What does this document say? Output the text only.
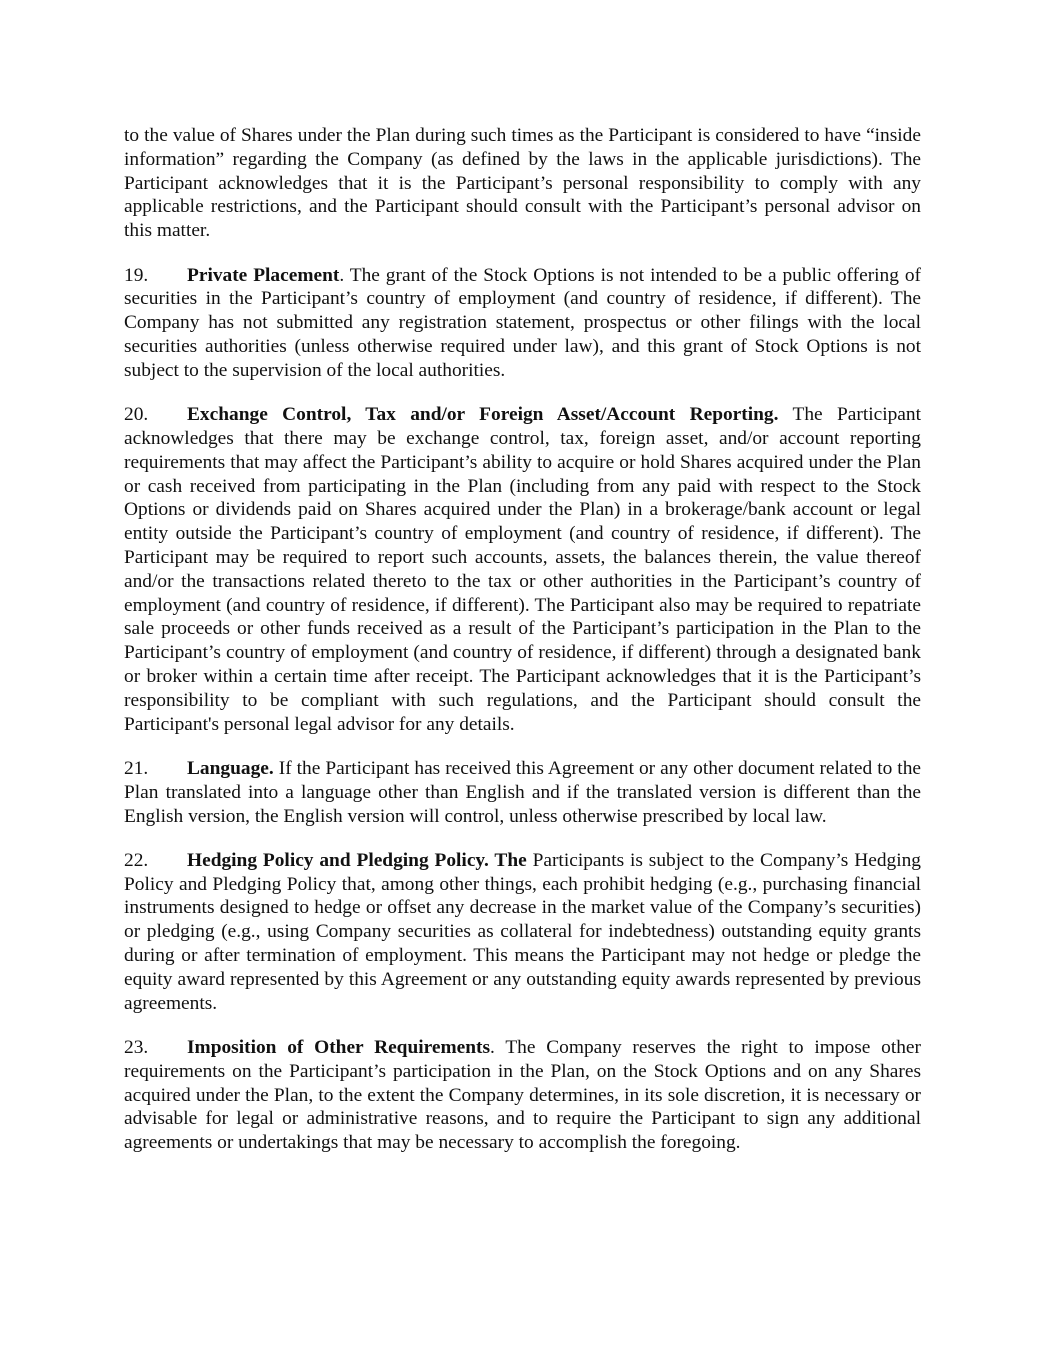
to the value of Shares under the Plan during such times as the Participant is considered to have “inside information” regarding the Company (as defined by the laws in the applicable jurisdictions). The Participant acknowledges that it is the Participant’s personal responsibility to comply with any applicable restrictions, and the Participant should consult with the Participant’s personal advisor on this matter.

19. Private Placement. The grant of the Stock Options is not intended to be a public offering of securities in the Participant’s country of employment (and country of residence, if different). The Company has not submitted any registration statement, prospectus or other filings with the local securities authorities (unless otherwise required under law), and this grant of Stock Options is not subject to the supervision of the local authorities.

20. Exchange Control, Tax and/or Foreign Asset/Account Reporting. The Participant acknowledges that there may be exchange control, tax, foreign asset, and/or account reporting requirements that may affect the Participant’s ability to acquire or hold Shares acquired under the Plan or cash received from participating in the Plan (including from any paid with respect to the Stock Options or dividends paid on Shares acquired under the Plan) in a brokerage/bank account or legal entity outside the Participant’s country of employment (and country of residence, if different). The Participant may be required to report such accounts, assets, the balances therein, the value thereof and/or the transactions related thereto to the tax or other authorities in the Participant’s country of employment (and country of residence, if different). The Participant also may be required to repatriate sale proceeds or other funds received as a result of the Participant’s participation in the Plan to the Participant’s country of employment (and country of residence, if different) through a designated bank or broker within a certain time after receipt. The Participant acknowledges that it is the Participant’s responsibility to be compliant with such regulations, and the Participant should consult the Participant's personal legal advisor for any details.

21. Language. If the Participant has received this Agreement or any other document related to the Plan translated into a language other than English and if the translated version is different than the English version, the English version will control, unless otherwise prescribed by local law.

22. Hedging Policy and Pledging Policy. The Participants is subject to the Company’s Hedging Policy and Pledging Policy that, among other things, each prohibit hedging (e.g., purchasing financial instruments designed to hedge or offset any decrease in the market value of the Company’s securities) or pledging (e.g., using Company securities as collateral for indebtedness) outstanding equity grants during or after termination of employment. This means the Participant may not hedge or pledge the equity award represented by this Agreement or any outstanding equity awards represented by previous agreements.

23. Imposition of Other Requirements. The Company reserves the right to impose other requirements on the Participant’s participation in the Plan, on the Stock Options and on any Shares acquired under the Plan, to the extent the Company determines, in its sole discretion, it is necessary or advisable for legal or administrative reasons, and to require the Participant to sign any additional agreements or undertakings that may be necessary to accomplish the foregoing.
